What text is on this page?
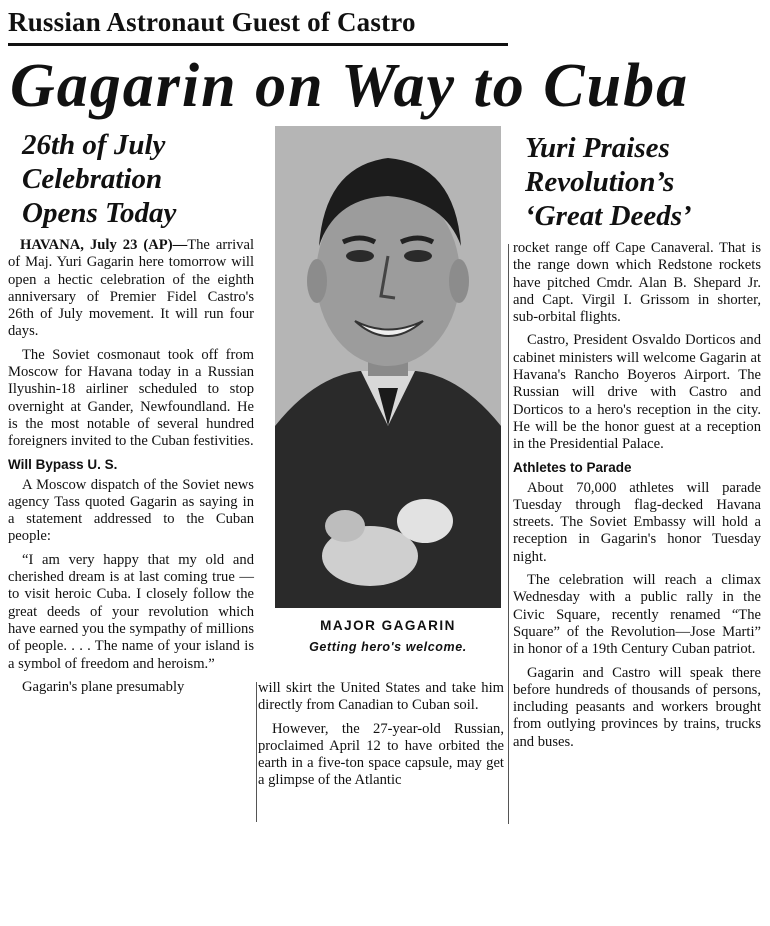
Russian Astronaut Guest of Castro
Gagarin on Way to Cuba

26th of July
Celebration
Opens Today

Yuri Praises
Revolution’s
‘Great Deeds’

MAJOR GAGARIN
Getting hero's welcome.

HAVANA, July 23 (AP)—The arrival of Maj. Yuri Gagarin here tomorrow will open a hectic celebration of the eighth anniversary of Premier Fidel Castro's 26th of July movement. It will run four days.

The Soviet cosmonaut took off from Moscow for Havana today in a Russian Ilyushin-18 airliner scheduled to stop overnight at Gander, Newfoundland. He is the most notable of several hundred foreigners invited to the Cuban festivities.

Will Bypass U. S.

A Moscow dispatch of the Soviet news agency Tass quoted Gagarin as saying in a statement addressed to the Cuban people:

“I am very happy that my old and cherished dream is at last coming true — to visit heroic Cuba. I closely follow the great deeds of your revolution which have earned you the sympathy of millions of people. . . . The name of your island is a symbol of freedom and heroism.”

Gagarin's plane presumably	will skirt the United States and take him directly from Canadian to Cuban soil.

However, the 27-year-old Russian, proclaimed April 12 to have orbited the earth in a five-ton space capsule, may get a glimpse of the Atlantic

rocket range off Cape Canaveral. That is the range down which Redstone rockets have pitched Cmdr. Alan B. Shepard Jr. and Capt. Virgil I. Grissom in shorter, sub-orbital flights.

Castro, President Osvaldo Dorticos and cabinet ministers will welcome Gagarin at Havana's Rancho Boyeros Airport. The Russian will drive with Castro and Dorticos to a hero's reception in the city. He will be the honor guest at a reception in the Presidential Palace.

Athletes to Parade

About 70,000 athletes will parade Tuesday through flag-decked Havana streets. The Soviet Embassy will hold a reception in Gagarin's honor Tuesday night.

The celebration will reach a climax Wednesday with a public rally in the Civic Square, recently renamed “The Square” of the Revolution—Jose Marti” in honor of a 19th Century Cuban patriot.

Gagarin and Castro will speak there before hundreds of thousands of persons, including peasants and workers brought from outlying provinces by trains, trucks and buses.
